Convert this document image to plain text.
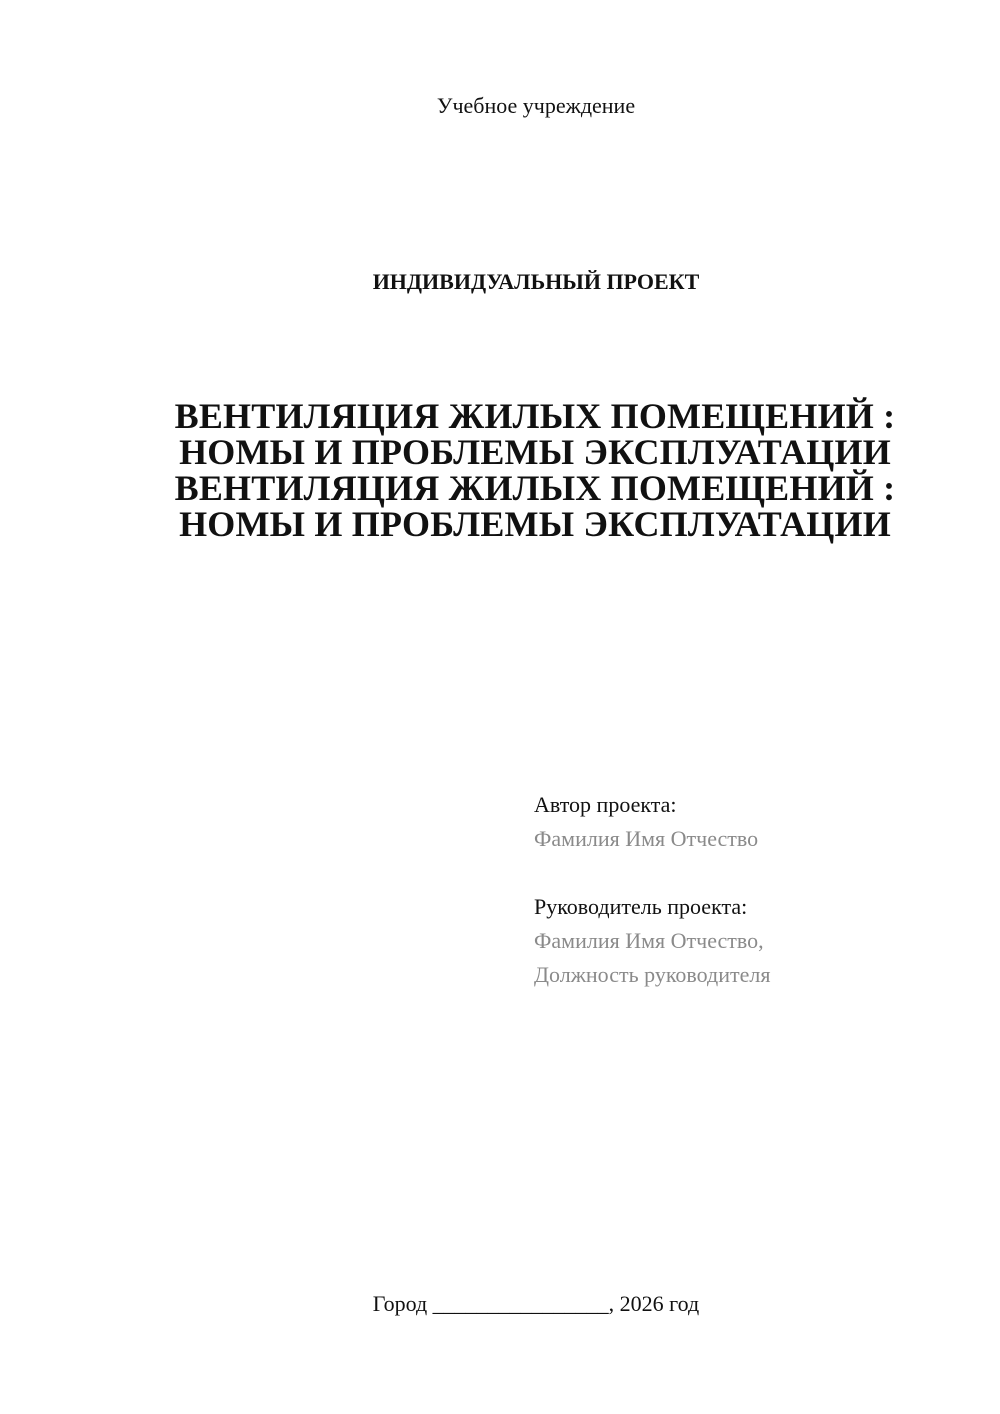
Учебное учреждение
ИНДИВИДУАЛЬНЫЙ ПРОЕКТ
ВЕНТИЛЯЦИЯ ЖИЛЫХ ПОМЕЩЕНИЙ :
НОМЫ И ПРОБЛЕМЫ ЭКСПЛУАТАЦИИ
ВЕНТИЛЯЦИЯ ЖИЛЫХ ПОМЕЩЕНИЙ :
НОМЫ И ПРОБЛЕМЫ ЭКСПЛУАТАЦИИ
Автор проекта:
Фамилия Имя Отчество
Руководитель проекта:
Фамилия Имя Отчество,
Должность руководителя
Город ________________, 2026 год
